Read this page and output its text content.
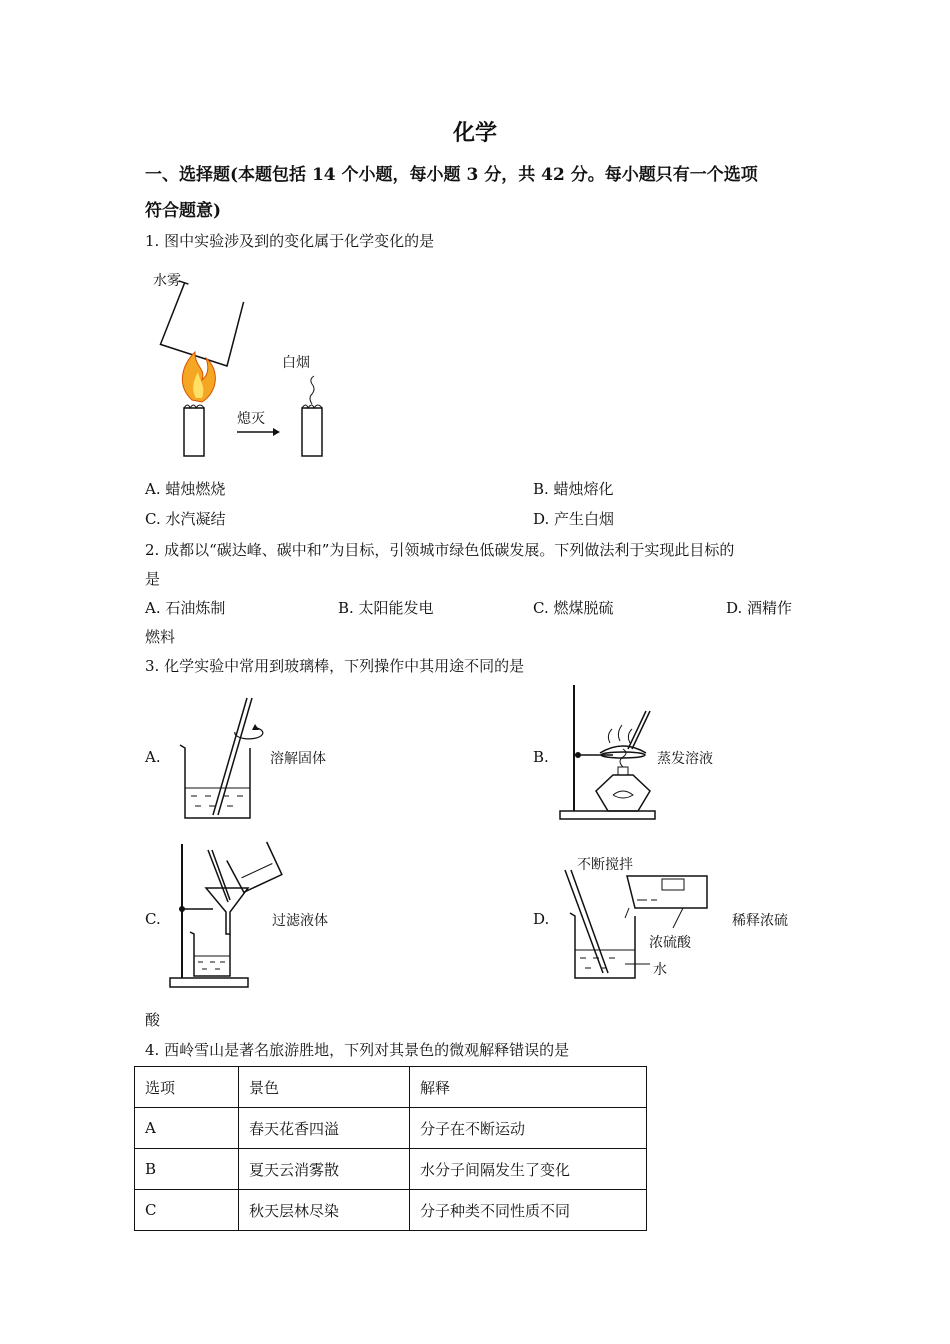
化学
一、选择题(本题包括 14 个小题，每小题 3 分，共 42 分。每小题只有一个选项
符合题意)
1. 图中实验涉及到的变化属于化学变化的是
水雾
白烟
熄灭
A. 蜡烛燃烧	B. 蜡烛熔化
C. 水汽凝结	D. 产生白烟
2. 成都以“碳达峰、碳中和”为目标，引领城市绿色低碳发展。下列做法利于实现此目标的
是
A. 石油炼制	B. 太阳能发电	C. 燃煤脱硫	D. 酒精作
燃料
3. 化学实验中常用到玻璃棒，下列操作中其用途不同的是
A.	溶解固体	B.	蒸发溶液
C.	过滤液体	D.
不断搅拌
浓硫酸
水
稀释浓硫
酸
4. 西岭雪山是著名旅游胜地，下列对其景色的微观解释错误的是
选项	景色	解释
A	春天花香四溢	分子在不断运动
B	夏天云消雾散	水分子间隔发生了变化
C	秋天层林尽染	分子种类不同性质不同
